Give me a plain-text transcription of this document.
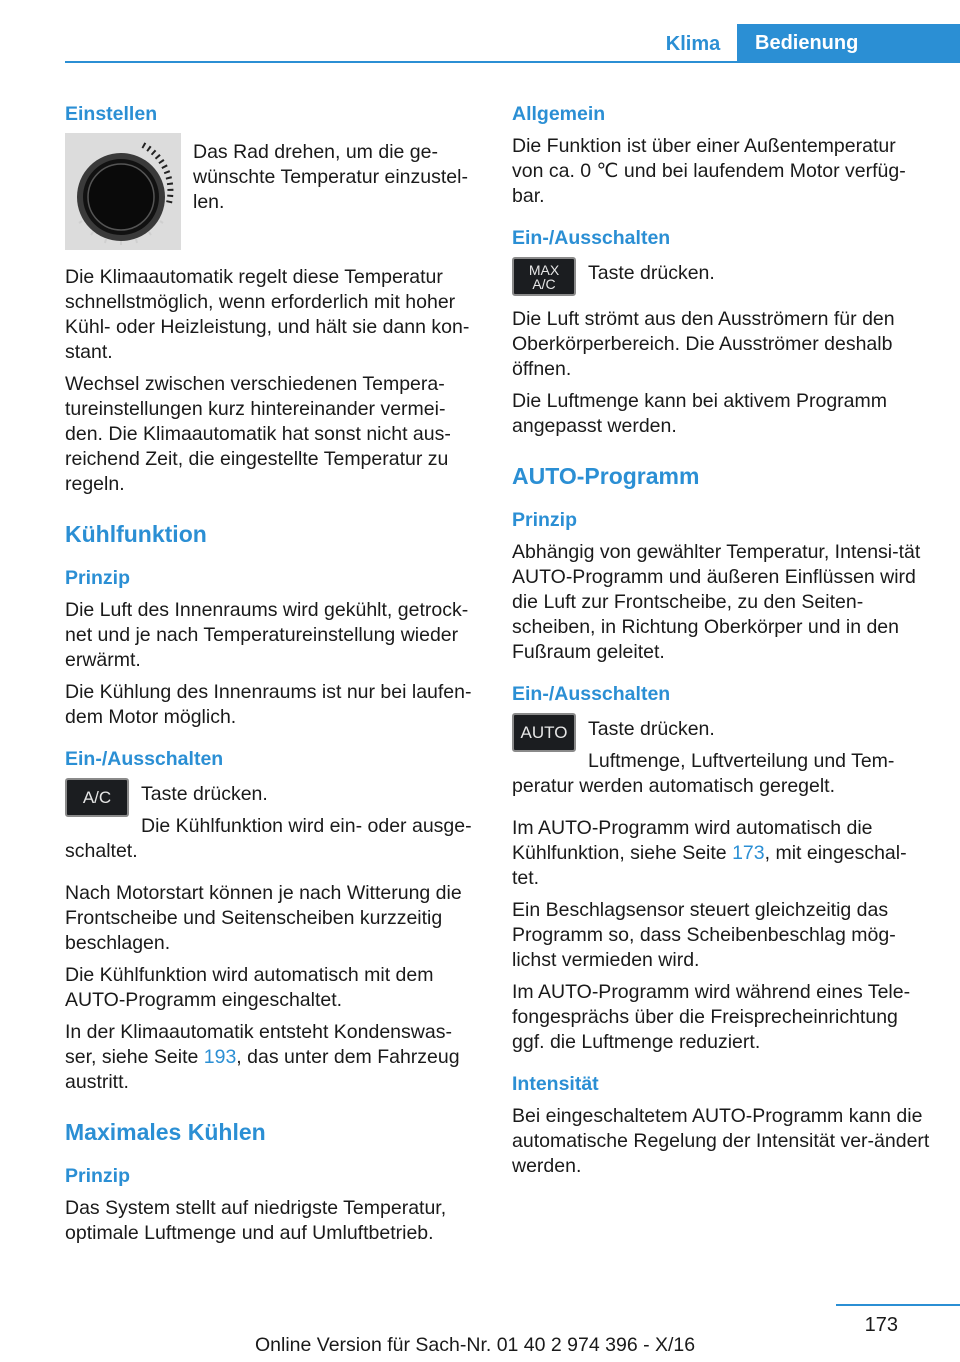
Klima	Bedienung
Einstellen

Das Rad drehen, um die ge‐wünschte Temperatur einzustel‐len.

Die Klimaautomatik regelt diese Temperatur schnellstmöglich, wenn erforderlich mit hoher Kühl- oder Heizleistung, und hält sie dann kon‐stant.

Wechsel zwischen verschiedenen Tempera‐tureinstellungen kurz hintereinander vermei‐den. Die Klimaautomatik hat sonst nicht aus‐reichend Zeit, die eingestellte Temperatur zu regeln.

Kühlfunktion
Prinzip

Die Luft des Innenraums wird gekühlt, getrock‐net und je nach Temperatureinstellung wieder erwärmt.

Die Kühlung des Innenraums ist nur bei laufen‐dem Motor möglich.

Ein-/Ausschalten
A/C	Taste drücken.

Die Kühlfunktion wird ein- oder ausge‐schaltet.

Nach Motorstart können je nach Witterung die Frontscheibe und Seitenscheiben kurzzeitig beschlagen.

Die Kühlfunktion wird automatisch mit dem AUTO-Programm eingeschaltet.

In der Klimaautomatik entsteht Kondenswas‐ser, siehe Seite 193, das unter dem Fahrzeug austritt.

Maximales Kühlen
Prinzip

Das System stellt auf niedrigste Temperatur, optimale Luftmenge und auf Umluftbetrieb.

Allgemein

Die Funktion ist über einer Außentemperatur von ca. 0 ℃ und bei laufendem Motor verfüg‐bar.

Ein-/Ausschalten
MAX
A/C	Taste drücken.

Die Luft strömt aus den Ausströmern für den Oberkörperbereich. Die Ausströmer deshalb öffnen.

Die Luftmenge kann bei aktivem Programm angepasst werden.

AUTO-Programm
Prinzip

Abhängig von gewählter Temperatur, Intensi‐tät AUTO-Programm und äußeren Einflüssen wird die Luft zur Frontscheibe, zu den Seiten‐scheiben, in Richtung Oberkörper und in den Fußraum geleitet.

Ein-/Ausschalten
AUTO	Taste drücken.

Luftmenge, Luftverteilung und Tem‐peratur werden automatisch geregelt.

Im AUTO-Programm wird automatisch die Kühlfunktion, siehe Seite 173, mit eingeschal‐tet.

Ein Beschlagsensor steuert gleichzeitig das Programm so, dass Scheibenbeschlag mög‐lichst vermieden wird.

Im AUTO-Programm wird während eines Tele‐fongesprächs über die Freisprecheinrichtung ggf. die Luftmenge reduziert.

Intensität

Bei eingeschaltetem AUTO-Programm kann die automatische Regelung der Intensität ver‐ändert werden.

173
Online Version für Sach-Nr. 01 40 2 974 396 - X/16
